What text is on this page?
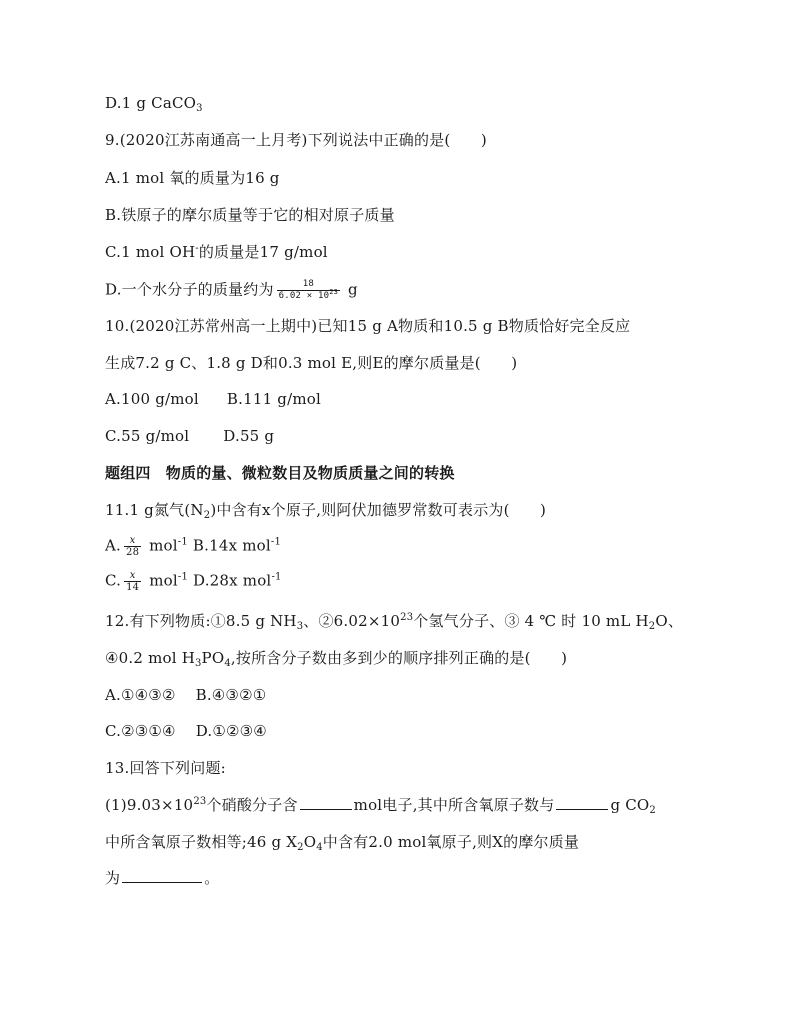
D.1 g CaCO$_3$
9.(2020江苏南通高一上月考)下列说法中正确的是(　　)
A.1 mol 氧的质量为16 g
B.铁原子的摩尔质量等于它的相对原子质量
C.1 mol OH-的质量是17 g/mol
D.一个水分子的质量约为 $\frac{18}{6.02 \times 10^{23}}$ g
10.(2020江苏常州高一上期中)已知15 g A物质和10.5 g B物质恰好完全反应
生成7.2 g C、1.8 g D和0.3 mol E,则E的摩尔质量是(　　)
A.100 g/mol B.111 g/mol
C.55 g/mol D.55 g
题组四　物质的量、微粒数目及物质质量之间的转换
11.1 g氮气$(N_2)$中含有x个原子,则阿伏加德罗常数可表示为(　　)
A. $\frac{x}{28} mol^{-1}$ B.14x mol$^{-1}$
C. $\frac{x}{14} mol^{-1}$ D.28x mol$^{-1}$
12.有下列物质:①8.5 g $NH_3$、$②6.02\times 10^{23}$个氢气分子、③ 4 ℃ 时 10 mL $H_2O$、
④0.2 mol $H_3PO_4$,按所含分子数由多到少的顺序排列正确的是(　　)
A.①④③② B.④③②①
C.②③①④ D.①②③④
13.回答下列问题:
$(1)9.03\times 10^{23}$个硝酸分子含	mol电子,其中所含氧原子数与	g $CO_2$
中所含氧原子数相等;46 g $X_2O_4$中含有2.0 mol氧原子,则X的摩尔质量
为	。
